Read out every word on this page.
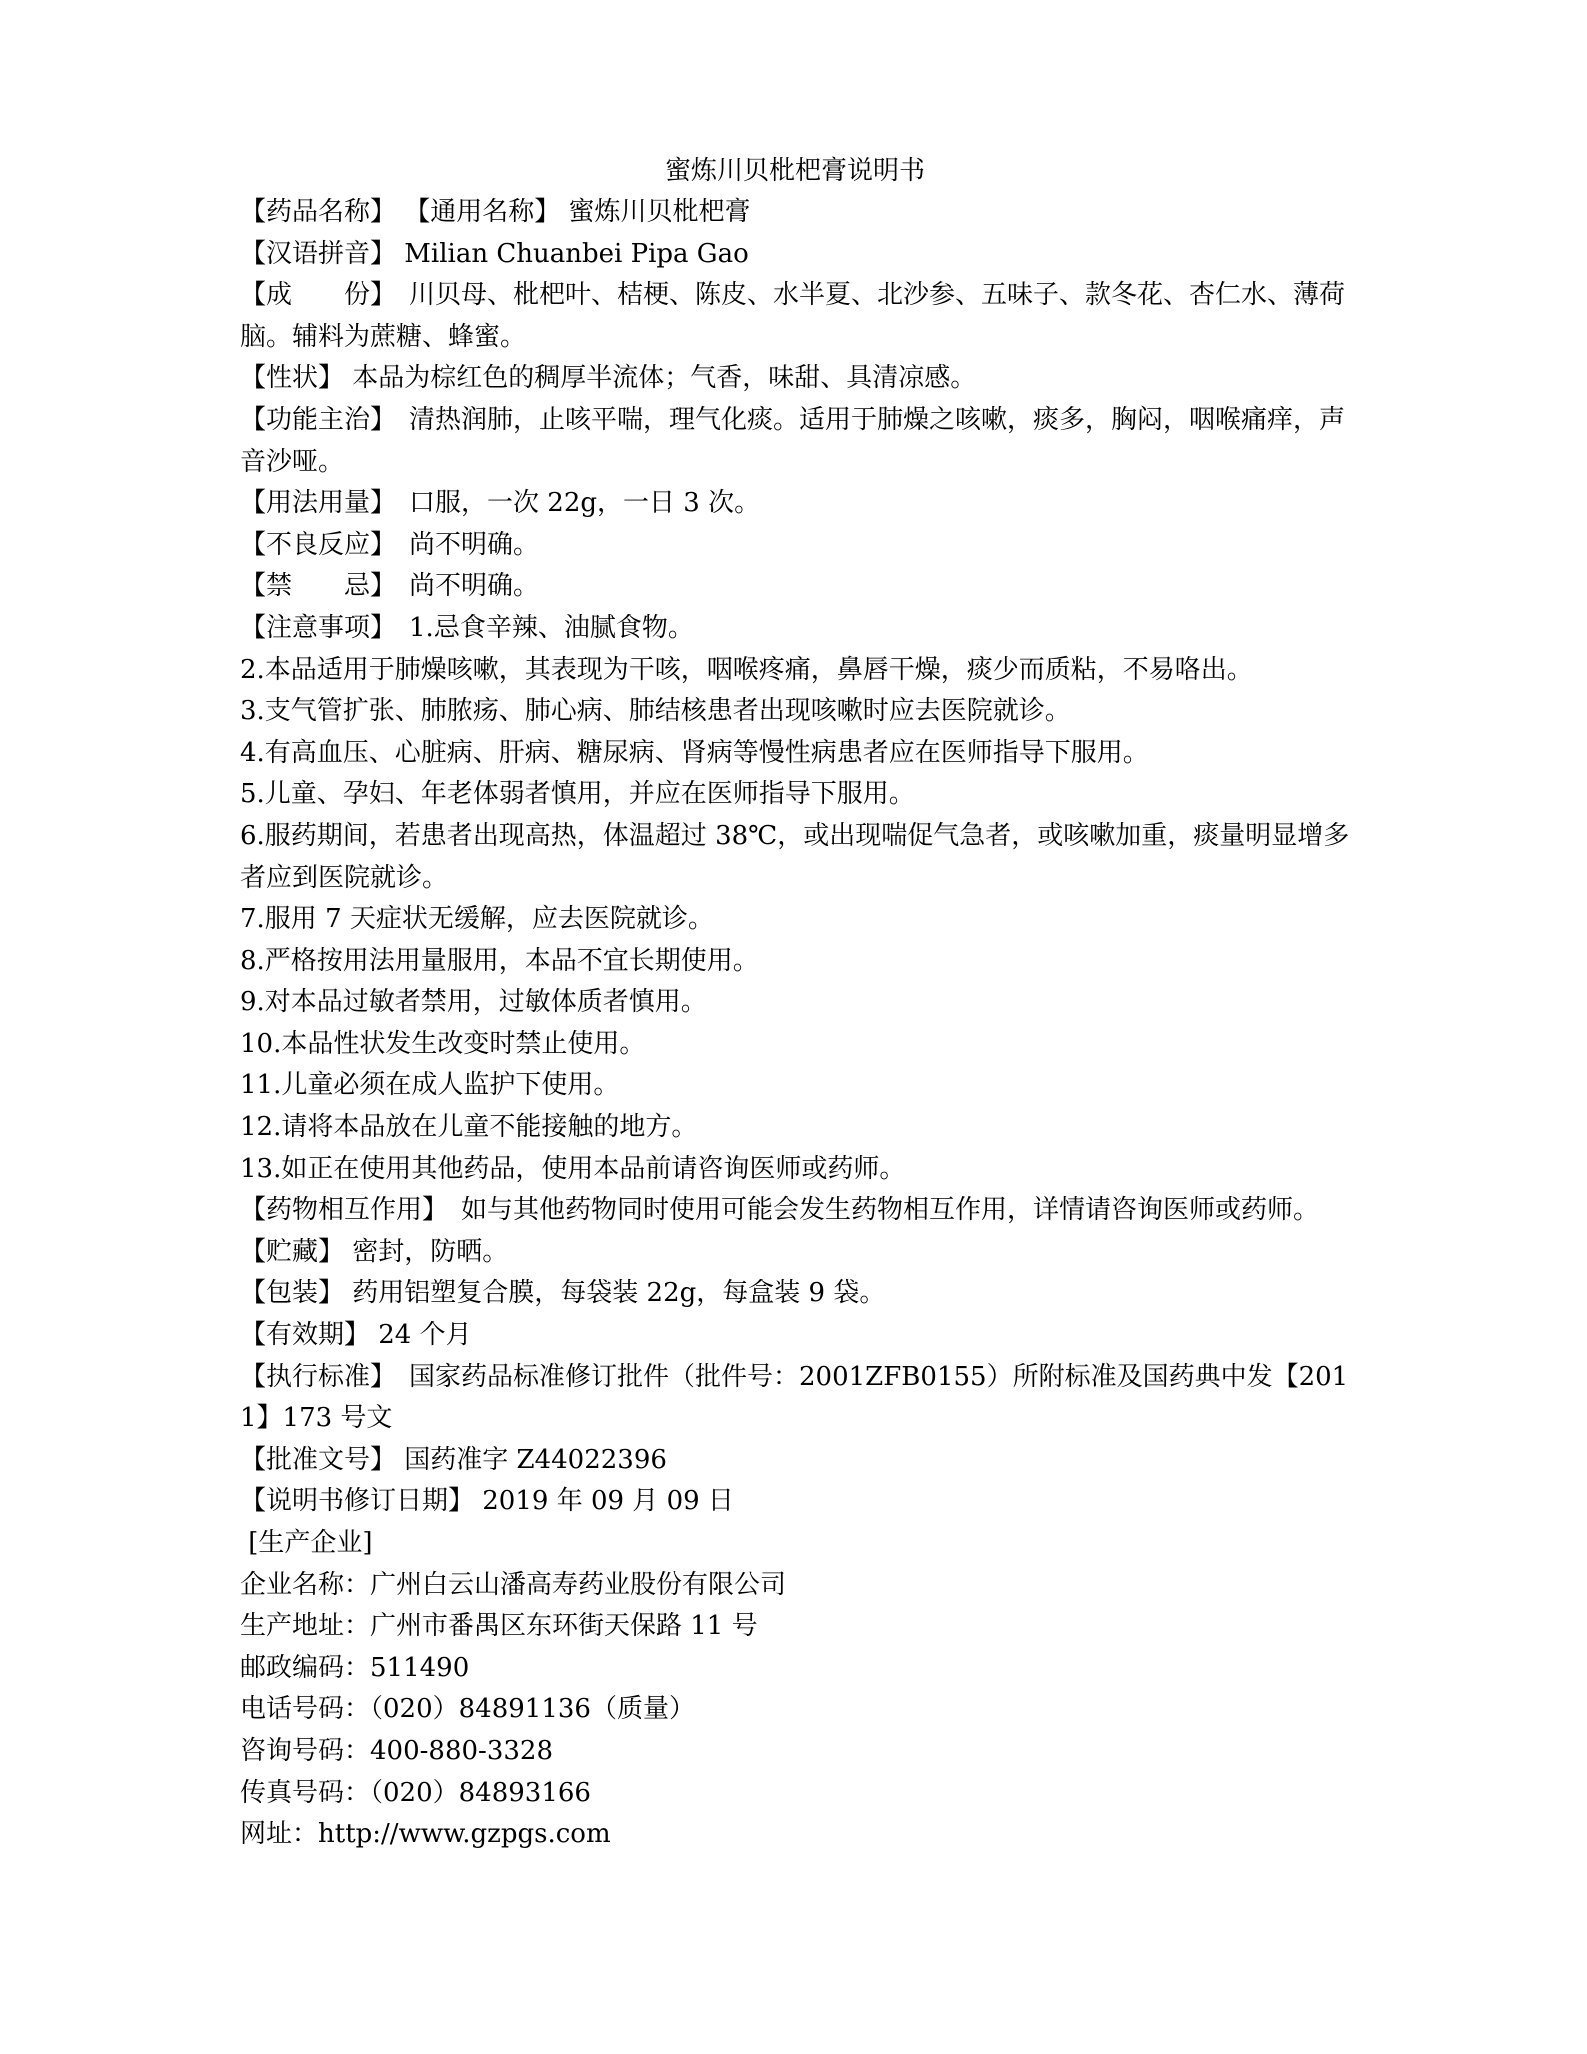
蜜炼川贝枇杷膏说明书
【药品名称】 【通用名称】 蜜炼川贝枇杷膏
【汉语拼音】 Milian Chuanbei Pipa Gao
【成　　份】　川贝母、枇杷叶、桔梗、陈皮、水半夏、北沙参、五味子、款冬花、杏仁水、薄荷脑。辅料为蔗糖、蜂蜜。
【性状】 本品为棕红色的稠厚半流体；气香，味甜、具清凉感。
【功能主治】　清热润肺，止咳平喘，理气化痰。适用于肺燥之咳嗽，痰多，胸闷，咽喉痛痒，声音沙哑。
【用法用量】　口服，一次 22g，一日 3 次。
【不良反应】　尚不明确。
【禁　　忌】　尚不明确。
【注意事项】　1.忌食辛辣、油腻食物。
2.本品适用于肺燥咳嗽，其表现为干咳，咽喉疼痛，鼻唇干燥，痰少而质粘，不易咯出。
3.支气管扩张、肺脓疡、肺心病、肺结核患者出现咳嗽时应去医院就诊。
4.有高血压、心脏病、肝病、糖尿病、肾病等慢性病患者应在医师指导下服用。
5.儿童、孕妇、年老体弱者慎用，并应在医师指导下服用。
6.服药期间，若患者出现高热，体温超过 38℃，或出现喘促气急者，或咳嗽加重，痰量明显增多者应到医院就诊。
7.服用 7 天症状无缓解，应去医院就诊。
8.严格按用法用量服用，本品不宜长期使用。
9.对本品过敏者禁用，过敏体质者慎用。
10.本品性状发生改变时禁止使用。
11.儿童必须在成人监护下使用。
12.请将本品放在儿童不能接触的地方。
13.如正在使用其他药品，使用本品前请咨询医师或药师。
【药物相互作用】　如与其他药物同时使用可能会发生药物相互作用，详情请咨询医师或药师。
【贮藏】 密封，防晒。
【包装】 药用铝塑复合膜，每袋装 22g，每盒装 9 袋。
【有效期】 24 个月
【执行标准】　国家药品标准修订批件（批件号：2001ZFB0155）所附标准及国药典中发【2011】173 号文
【批准文号】 国药准字 Z44022396
【说明书修订日期】 2019 年 09 月 09 日
[生产企业]
企业名称：广州白云山潘高寿药业股份有限公司
生产地址：广州市番禺区东环街天保路 11 号
邮政编码：511490
电话号码：（020）84891136（质量）
咨询号码：400-880-3328
传真号码：（020）84893166
网址：http://www.gzpgs.com
